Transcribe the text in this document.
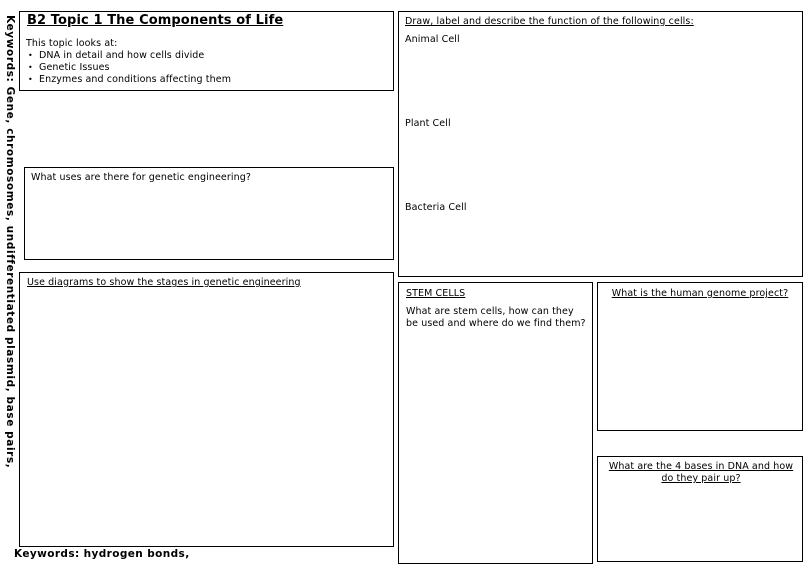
Keywords: Gene, chromosomes, undifferentiated plasmid, base pairs, B2 Topic 1 The Components of Life
This topic looks at:
• DNA in detail and how cells divide
• Genetic Issues
• Enzymes and conditions affecting them
What uses are there for genetic engineering?
Use diagrams to show the stages in genetic engineering
Draw, label and describe the function of the following cells:
Animal Cell
Plant Cell
Bacteria Cell
STEM CELLS
What are stem cells, how can they be used and where do we find them?
What is the human genome project?
What are the 4 bases in DNA and how do they pair up?
Keywords: hydrogen bonds,
